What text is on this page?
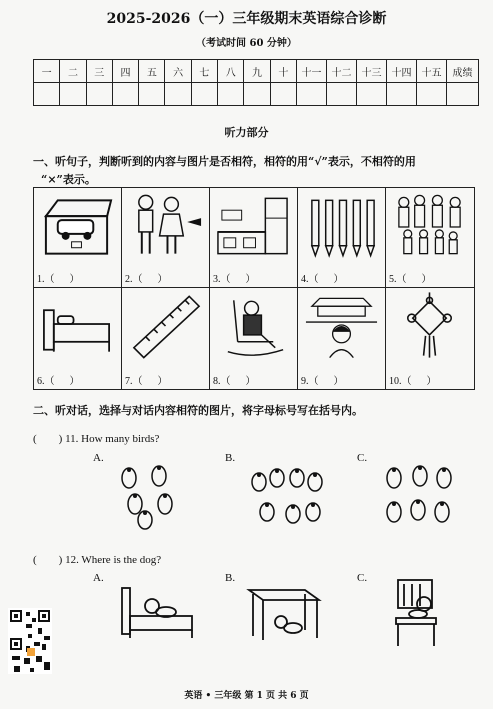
2025-2026（一）三年级期末英语综合诊断
（考试时间 60 分钟）
一	二	三	四	五	六	七	八	九	十	十一	十二	十三	十四	十五	成绩

听力部分
一、听句子，判断听到的内容与图片是否相符，相符的用“√”表示，不相符的用
“×”表示。
1.（      ）	2.（      ）	3.（      ）	4.（      ）	5.（      ）
6.（      ）	7.（      ）	8.（      ）	9.（      ）	10.（      ）
二、听对话，选择与对话内容相符的图片，将字母标号写在括号内。
(        ) 11. How many birds?
A.	B.	C.
(        ) 12. Where is the dog?
A.	B.	C.
英语 • 三年级 第 1 页 共 6 页
